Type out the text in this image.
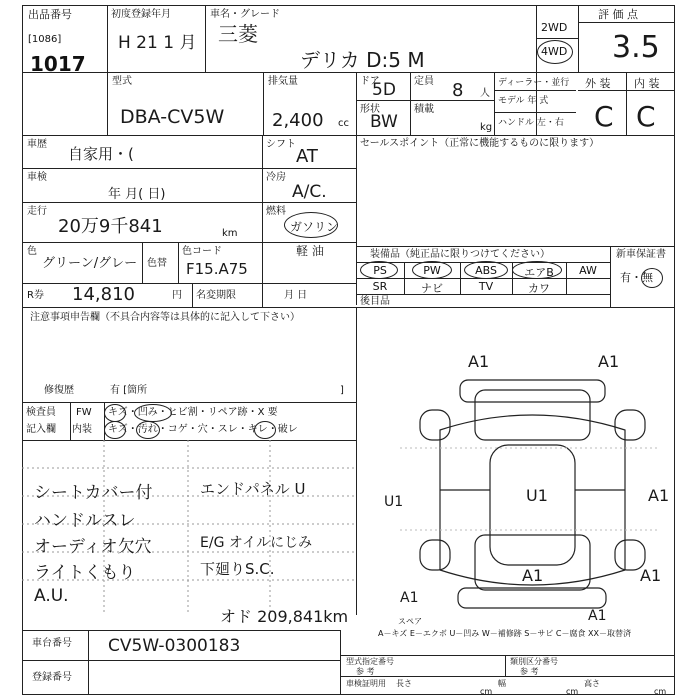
出品番号
[1086]
1017
初度登録年月
H 21 1 月
車名・グレード
三菱
デリカ D:5 M
2WD
4WD
評 価 点
3.5
外 装 内 装
C C
型式
DBA-CV5W
排気量
2,400 cc
ドア
5D 定員 8 人
形状
BW
積載
kg
ディーラー・並行
モデル 年 式
ハンドル 左・右
車歴
自家用・(
シフト
AT
車検
年 月( 日)
冷房
A/C.
走行
20万9千841	km
燃料
ガソリン
軽 油
色
グリーン/グレー 色替
色コード
F15.A75
R券 14,810	円 名変期限	月 日
セールスポイント（正常に機能するものに限ります）
装備品（純正品に限りつけてください）
PS	PW	ABS	エアB	AW
SR	ナビ	TV	カワ
後目品
新車保証書
有・無
注意事項申告欄（不具合内容等は具体的に記入して下さい）
修復歴	有 [箇所	]
検査員
記入欄
FW キズ・凹み・ヒビ割・リペア跡・X 要
内装 キズ・汚れ・コゲ・穴・スレ・キレ・破レ
シートカバー付
ハンドルスレ
オーディオ欠穴
ライトくもり
A.U.
エンドパネル U
E/G オイルにじみ
下廻りS.C.
オド 209,841km
A1	A1
A1
U1	U1
A1	A1
A1
A1
スペア
A－キズ E－エクボ U－凹み W－補修跡 S－サビ C－腐食 XX－取替済
車台番号 CV5W-0300183
登録番号
型式指定番号
参 考
類別区分番号
参 考
車検証明用 長さ
cm
幅
cm
高さ
cm
